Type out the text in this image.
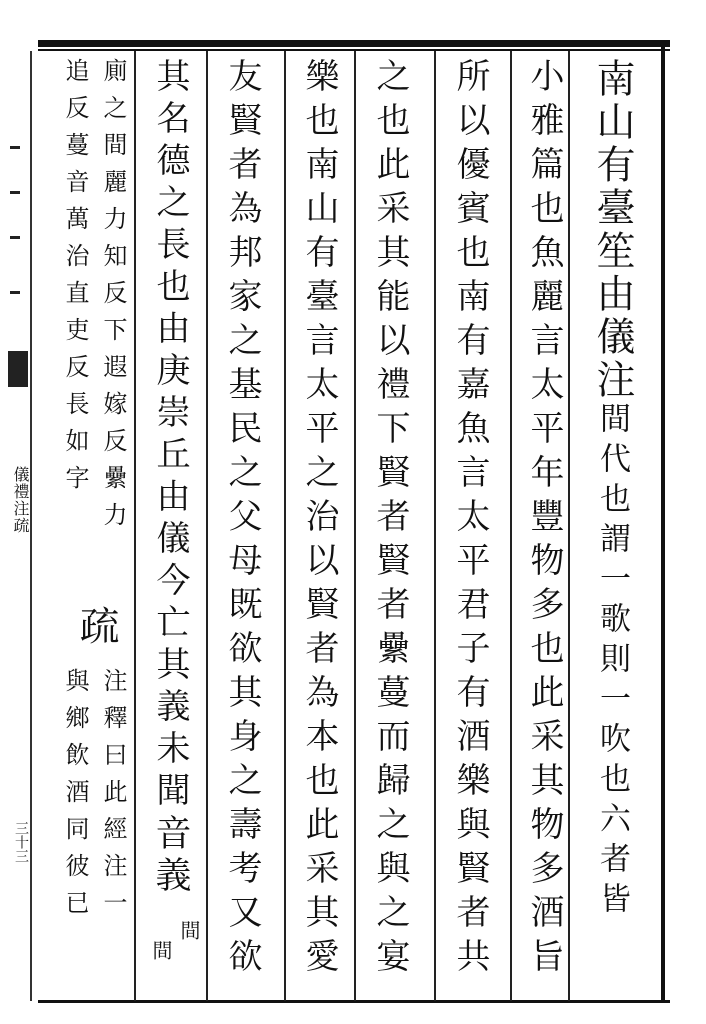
儀禮注疏
三十三
南山有臺笙由儀注間代也謂一歌則一吹也六者皆
小雅篇也魚麗言太平年豐物多也此采其物多酒旨
所以優賓也南有嘉魚言太平君子有酒樂與賢者共
之也此采其能以禮下賢者賢者纍蔓而歸之與之宴
樂也南山有臺言太平之治以賢者為本也此采其愛
友賢者為邦家之基民之父母既欲其身之壽考又欲
其名德之長也由庚崇丘由儀今亡其義未聞音義
間
間
廁之間麗力知反下遐嫁反纍力
追反蔓音萬治直吏反長如字
疏
注釋曰此經注一
與鄉飲酒同彼已
